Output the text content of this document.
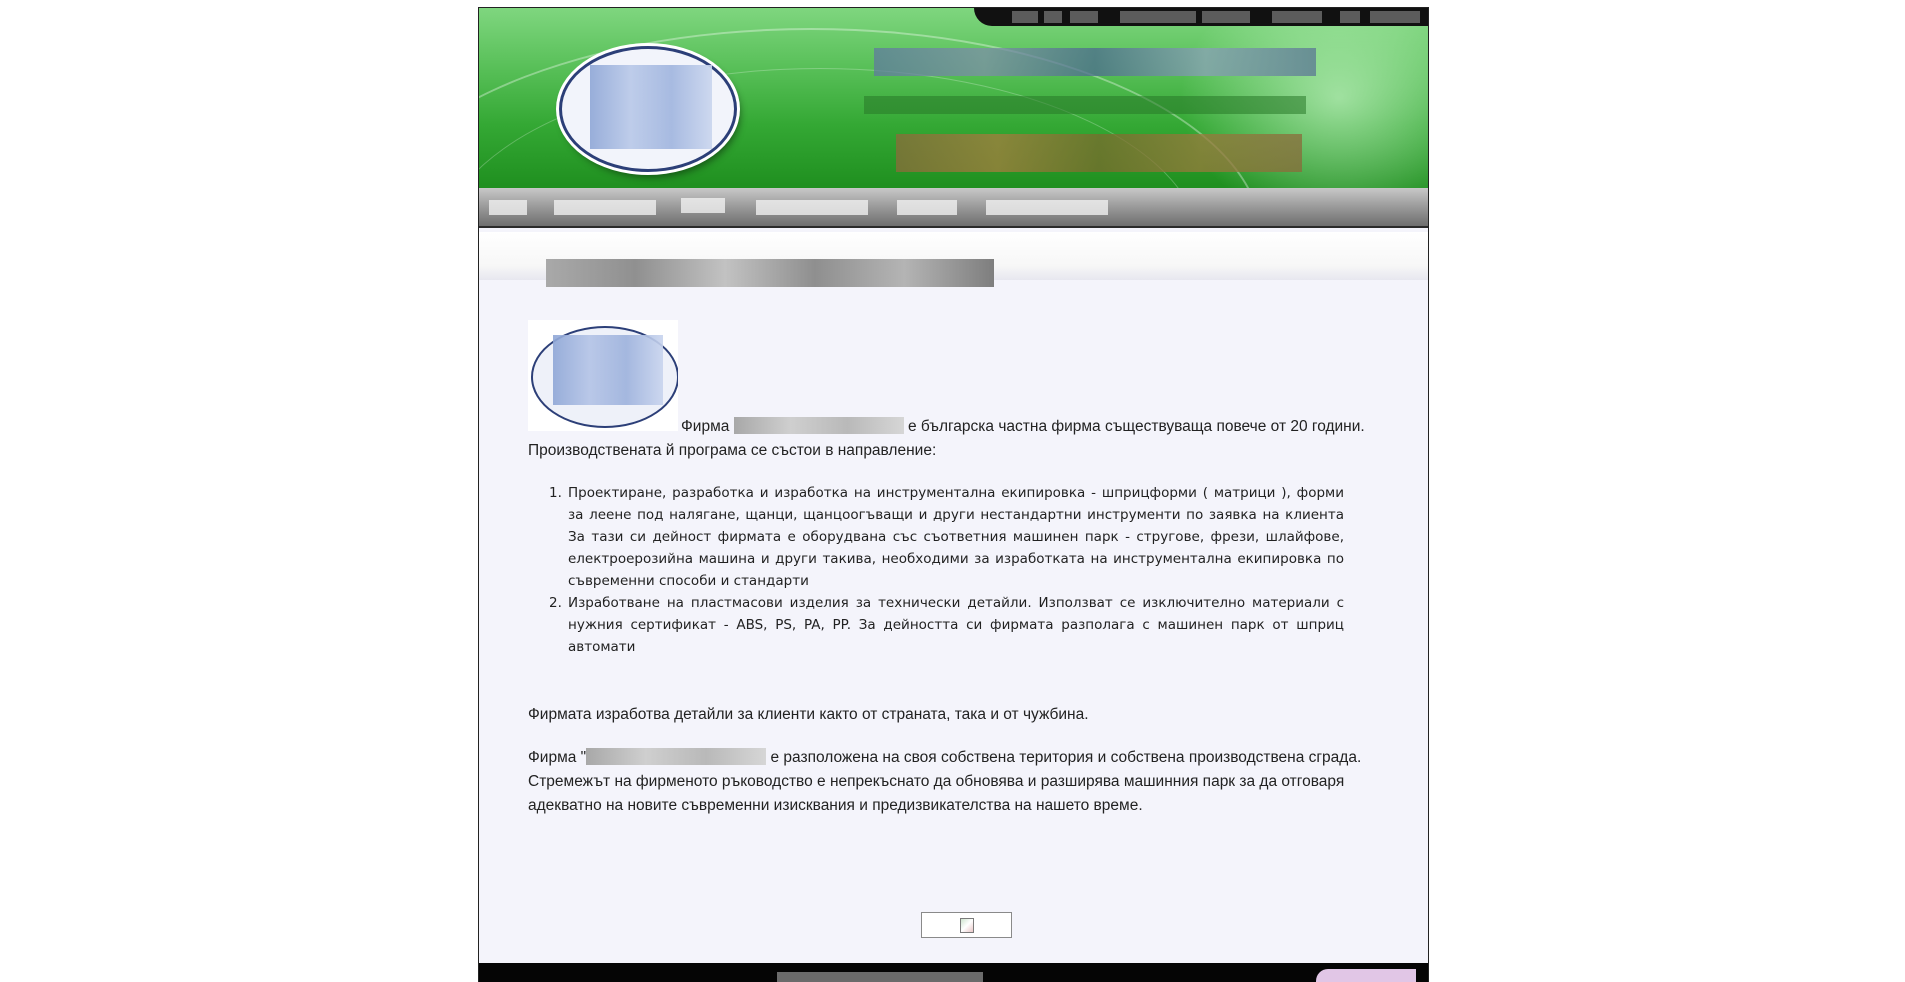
Фирма	е българска частна фирма съществуваща повече от 20 години.
Производствената й програма се състои в направление:
1. Проектиране, разработка и изработка на инструментална екипировка - шприцформи ( матрици ), форми за леене под налягане, щанци, щанцоогъващи и други нестандартни инструменти по заявка на клиента За тази си дейност фирмата е оборудвана със съответния машинен парк - стругове, фрези, шлайфове, електроерозийна машина и други такива, необходими за изработката на инструментална екипировка по съвременни способи и стандарти
2. Изработване на пластмасови изделия за технически детайли. Използват се изключително материали с нужния сертификат - ABS, PS, PA, PP. За дейността си фирмата разполага с машинен парк от шприц автомати
Фирмата изработва детайли за клиенти както от страната, така и от чужбина.
Фирма "	е разположена на своя собствена територия и собствена производствена сграда.
Стремежът на фирменото ръководство е непрекъснато да обновява и разширява машинния парк за да отговаря
адекватно на новите съвременни изисквания и предизвикателства на нашето време.
